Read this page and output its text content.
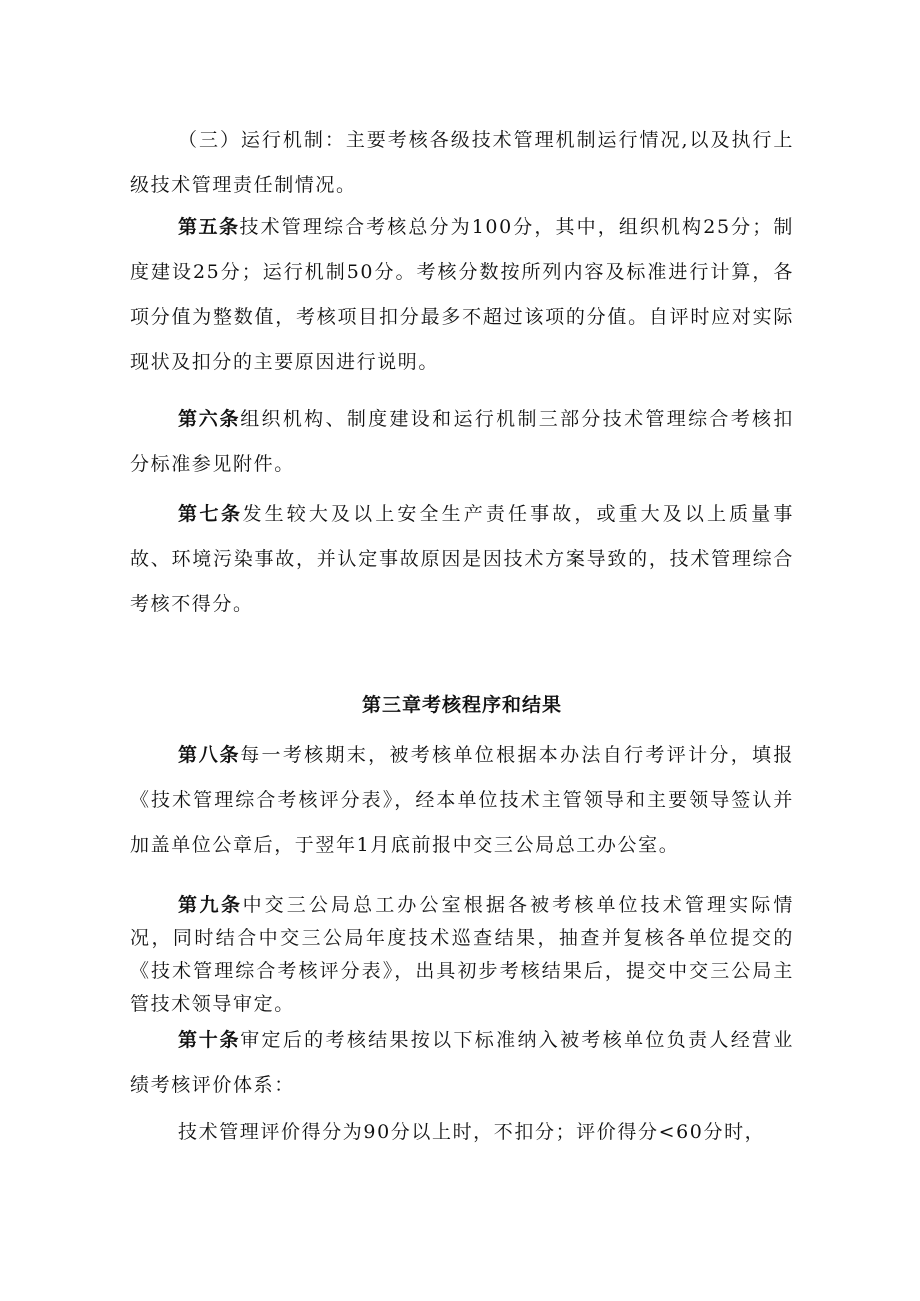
（三）运行机制：主要考核各级技术管理机制运行情况,以及执行上级技术管理责任制情况。

第五条技术管理综合考核总分为100分，其中，组织机构25分；制度建设25分；运行机制50分。考核分数按所列内容及标准进行计算，各项分值为整数值，考核项目扣分最多不超过该项的分值。自评时应对实际现状及扣分的主要原因进行说明。

第六条组织机构、制度建设和运行机制三部分技术管理综合考核扣分标准参见附件。

第七条发生较大及以上安全生产责任事故，或重大及以上质量事故、环境污染事故，并认定事故原因是因技术方案导致的，技术管理综合考核不得分。

第三章考核程序和结果

第八条每一考核期末，被考核单位根据本办法自行考评计分，填报《技术管理综合考核评分表》，经本单位技术主管领导和主要领导签认并加盖单位公章后，于翌年1月底前报中交三公局总工办公室。

第九条中交三公局总工办公室根据各被考核单位技术管理实际情况，同时结合中交三公局年度技术巡查结果，抽查并复核各单位提交的《技术管理综合考核评分表》，出具初步考核结果后，提交中交三公局主管技术领导审定。

第十条审定后的考核结果按以下标准纳入被考核单位负责人经营业绩考核评价体系：

技术管理评价得分为90分以上时，不扣分；评价得分<60分时，
